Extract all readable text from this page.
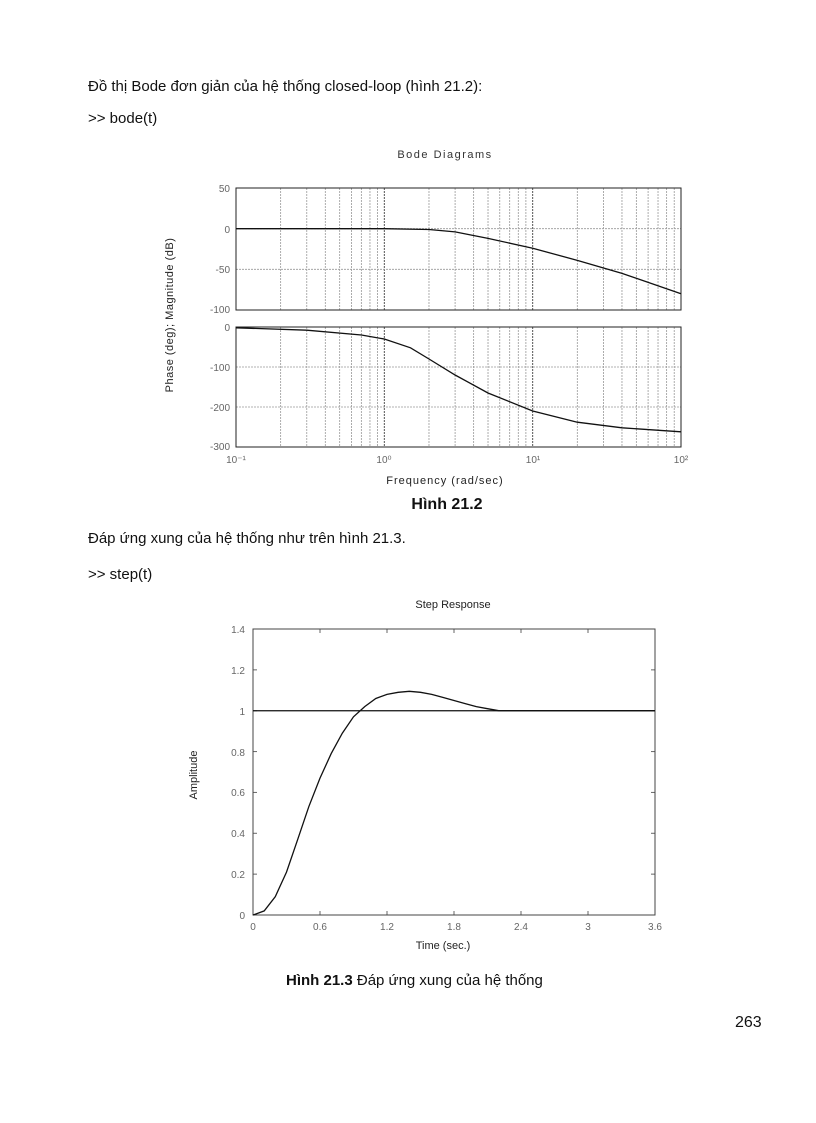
Đồ thị Bode đơn giản của hệ thống closed-loop (hình 21.2):
>> bode(t)
Bode Diagrams
50
0
-50
-100
0
-100
-200
-300
10⁻¹	10⁰	10¹	10²
Frequency (rad/sec)
Phase (deg); Magnitude (dB)
Hình 21.2
Đáp ứng xung của hệ thống như trên hình 21.3.
>> step(t)
Step Response
1.4
1.2
1
0.8
0.6
0.4
0.2
0
0	0.6	1.2	1.8	2.4	3	3.6
Time (sec.)
Amplitude
Hình 21.3 Đáp ứng xung của hệ thống
263
